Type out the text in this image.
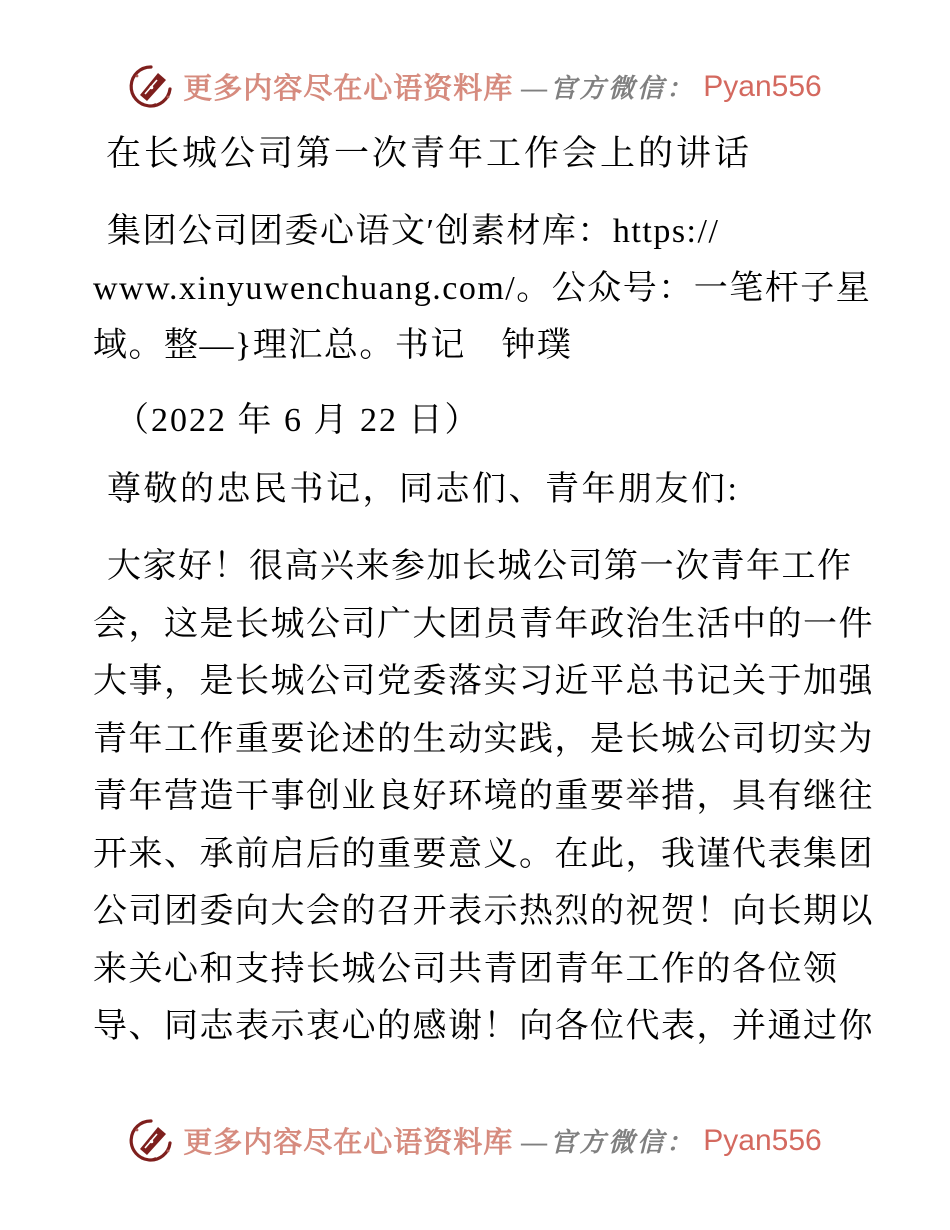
更多内容尽在心语资料库 —官方微信： Pyan556
在长城公司第一次青年工作会上的讲话
集团公司团委心语文′创素材库：https://
www.xinyuwenchuang.com/。公众号：一笔杆子星
域。整—}理汇总。书记　钟璞
（2022 年 6 月 22 日）
尊敬的忠民书记，同志们、青年朋友们:
大家好！很高兴来参加长城公司第一次青年工作
会，这是长城公司广大团员青年政治生活中的一件
大事，是长城公司党委落实习近平总书记关于加强
青年工作重要论述的生动实践，是长城公司切实为
青年营造干事创业良好环境的重要举措，具有继往
开来、承前启后的重要意义。在此，我谨代表集团
公司团委向大会的召开表示热烈的祝贺！向长期以
来关心和支持长城公司共青团青年工作的各位领
导、同志表示衷心的感谢！向各位代表，并通过你
更多内容尽在心语资料库 —官方微信： Pyan556
